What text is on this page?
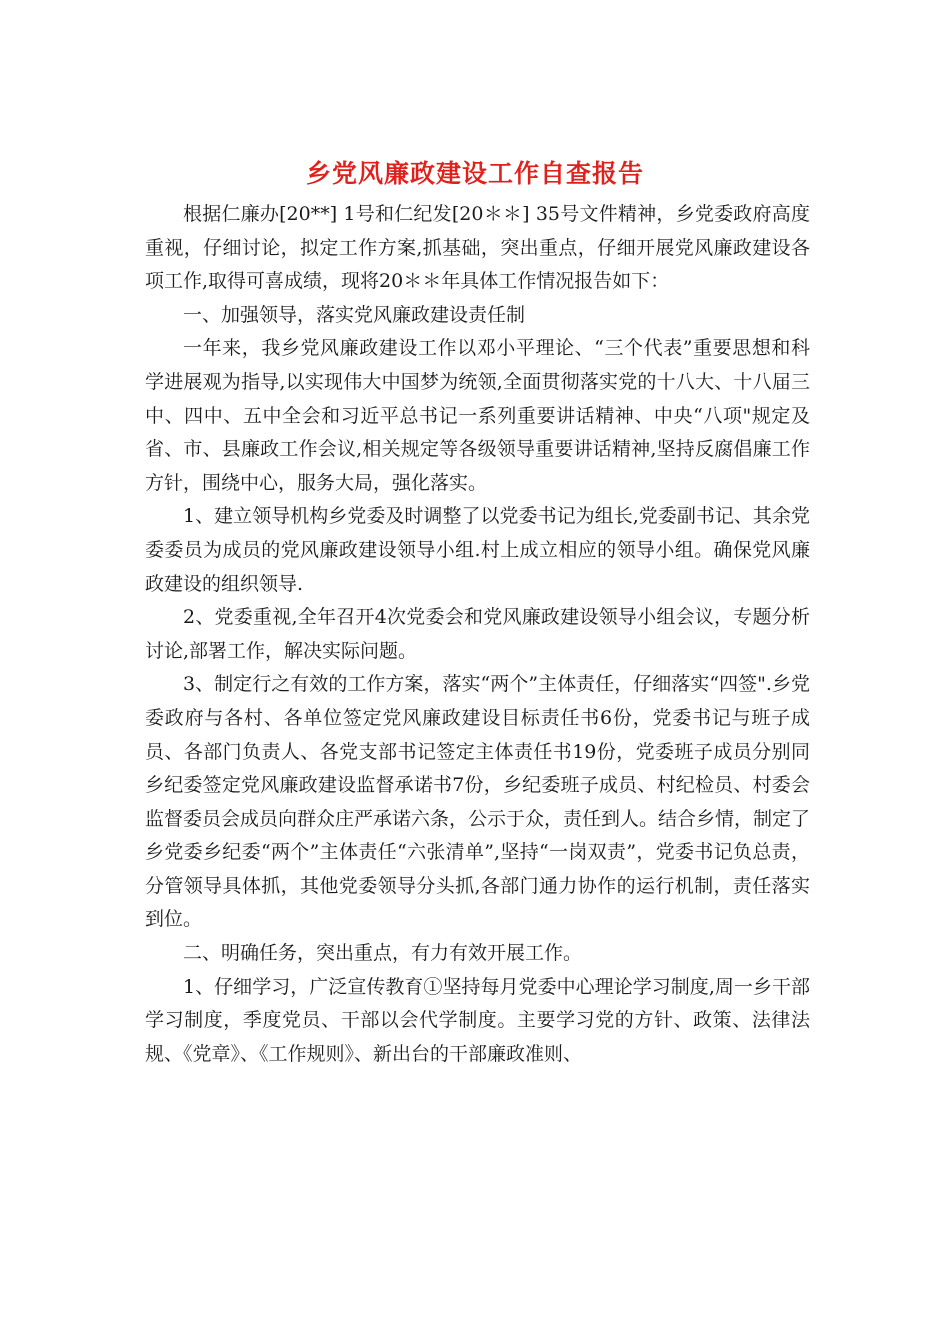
乡党风廉政建设工作自查报告

根据仁廉办[20**] 1号和仁纪发[20＊＊] 35号文件精神，乡党委政府高度重视，仔细讨论，拟定工作方案,抓基础，突出重点，仔细开展党风廉政建设各项工作,取得可喜成绩，现将20＊＊年具体工作情况报告如下：

一、加强领导，落实党风廉政建设责任制

一年来，我乡党风廉政建设工作以邓小平理论、“三个代表”重要思想和科学进展观为指导,以实现伟大中国梦为统领,全面贯彻落实党的十八大、十八届三中、四中、五中全会和习近平总书记一系列重要讲话精神、中央“八项"规定及省、市、县廉政工作会议,相关规定等各级领导重要讲话精神,坚持反腐倡廉工作方针，围绕中心，服务大局，强化落实。

1、建立领导机构乡党委及时调整了以党委书记为组长,党委副书记、其余党委委员为成员的党风廉政建设领导小组.村上成立相应的领导小组。确保党风廉政建设的组织领导.

2、党委重视,全年召开4次党委会和党风廉政建设领导小组会议，专题分析讨论,部署工作，解决实际问题。

3、制定行之有效的工作方案，落实“两个”主体责任，仔细落实“四签".乡党委政府与各村、各单位签定党风廉政建设目标责任书6份，党委书记与班子成员、各部门负责人、各党支部书记签定主体责任书19份，党委班子成员分别同乡纪委签定党风廉政建设监督承诺书7份，乡纪委班子成员、村纪检员、村委会监督委员会成员向群众庄严承诺六条，公示于众，责任到人。结合乡情，制定了乡党委乡纪委“两个”主体责任“六张清单”,坚持“一岗双责”，党委书记负总责，分管领导具体抓，其他党委领导分头抓,各部门通力协作的运行机制，责任落实到位。

二、明确任务，突出重点，有力有效开展工作。

1、仔细学习，广泛宣传教育①坚持每月党委中心理论学习制度,周一乡干部学习制度，季度党员、干部以会代学制度。主要学习党的方针、政策、法律法规、《党章》、《工作规则》、新出台的干部廉政准则、
